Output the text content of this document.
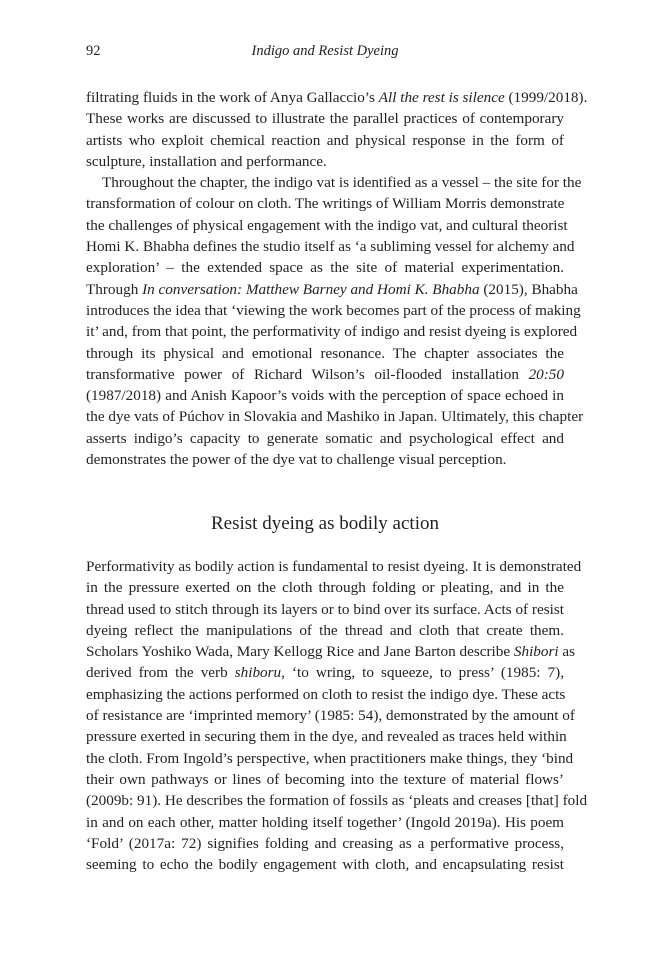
92	Indigo and Resist Dyeing
filtrating fluids in the work of Anya Gallaccio’s All the rest is silence (1999/2018).
These works are discussed to illustrate the parallel practices of contemporary
artists who exploit chemical reaction and physical response in the form of
sculpture, installation and performance.
Throughout the chapter, the indigo vat is identified as a vessel – the site for the
transformation of colour on cloth. The writings of William Morris demonstrate
the challenges of physical engagement with the indigo vat, and cultural theorist
Homi K. Bhabha defines the studio itself as ‘a subliming vessel for alchemy and
exploration’ – the extended space as the site of material experimentation.
Through In conversation: Matthew Barney and Homi K. Bhabha (2015), Bhabha
introduces the idea that ‘viewing the work becomes part of the process of making
it’ and, from that point, the performativity of indigo and resist dyeing is explored
through its physical and emotional resonance. The chapter associates the
transformative power of Richard Wilson’s oil-flooded installation 20:50
(1987/2018) and Anish Kapoor’s voids with the perception of space echoed in
the dye vats of Púchov in Slovakia and Mashiko in Japan. Ultimately, this chapter
asserts indigo’s capacity to generate somatic and psychological effect and
demonstrates the power of the dye vat to challenge visual perception.
Resist dyeing as bodily action
Performativity as bodily action is fundamental to resist dyeing. It is demonstrated
in the pressure exerted on the cloth through folding or pleating, and in the
thread used to stitch through its layers or to bind over its surface. Acts of resist
dyeing reflect the manipulations of the thread and cloth that create them.
Scholars Yoshiko Wada, Mary Kellogg Rice and Jane Barton describe Shibori as
derived from the verb shiboru, ‘to wring, to squeeze, to press’ (1985: 7),
emphasizing the actions performed on cloth to resist the indigo dye. These acts
of resistance are ‘imprinted memory’ (1985: 54), demonstrated by the amount of
pressure exerted in securing them in the dye, and revealed as traces held within
the cloth. From Ingold’s perspective, when practitioners make things, they ‘bind
their own pathways or lines of becoming into the texture of material flows’
(2009b: 91). He describes the formation of fossils as ‘pleats and creases [that] fold
in and on each other, matter holding itself together’ (Ingold 2019a). His poem
‘Fold’ (2017a: 72) signifies folding and creasing as a performative process,
seeming to echo the bodily engagement with cloth, and encapsulating resist
